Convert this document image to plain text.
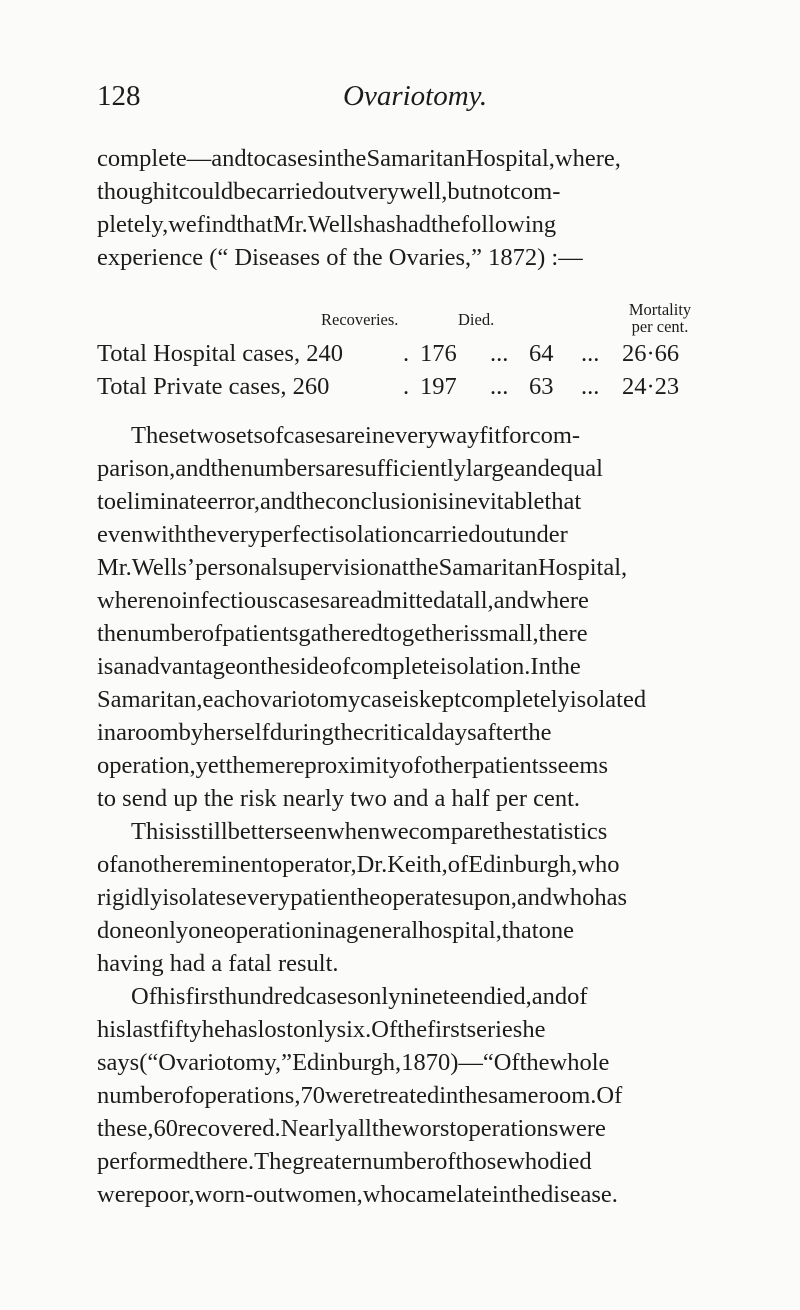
128	Ovariotomy.
complete—andtocasesintheSamaritanHospital,where,
thoughitcouldbecarriedoutverywell,butnotcom-
pletely,wefindthatMr.Wellshashadthefollowing
experience (“ Diseases of the Ovaries,” 1872) :—
Recoveries.	Died.
Mortality
per cent.
Total Hospital cases, 240 . 176 ... 64 ... 26·66
Total Private cases, 260	. 197 ... 63 ... 24·23
Thesetwosetsofcasesareineverywayfitforcom-
parison,andthenumbersaresufficientlylargeandequal
toeliminateerror,andtheconclusionisinevitablethat
evenwiththeveryperfectisolationcarriedoutunder
Mr.Wells’personalsupervisionattheSamaritanHospital,
wherenoinfectiouscasesareadmittedatall,andwhere
thenumberofpatientsgatheredtogetherissmall,there
isanadvantageonthesideofcompleteisolation.Inthe
Samaritan,eachovariotomycaseiskeptcompletelyisolated
inaroombyherselfduringthecriticaldaysafterthe
operation,yetthemereproximityofotherpatientsseems
to send up the risk nearly two and a half per cent.
Thisisstillbetterseenwhenwecomparethestatistics
ofanothereminentoperator,Dr.Keith,ofEdinburgh,who
rigidlyisolateseverypatientheoperatesupon,andwhohas
doneonlyoneoperationinageneralhospital,thatone
having had a fatal result.
Ofhisfirsthundredcasesonlynineteendied,andof
hislastfiftyhehaslostonlysix.Ofthefirstserieshe
says(“Ovariotomy,”Edinburgh,1870)—“Ofthewhole
numberofoperations,70weretreatedinthesameroom.Of
these,60recovered.Nearlyalltheworstoperationswere
performedthere.Thegreaternumberofthosewhodied
werepoor,worn-outwomen,whocamelateinthedisease.
